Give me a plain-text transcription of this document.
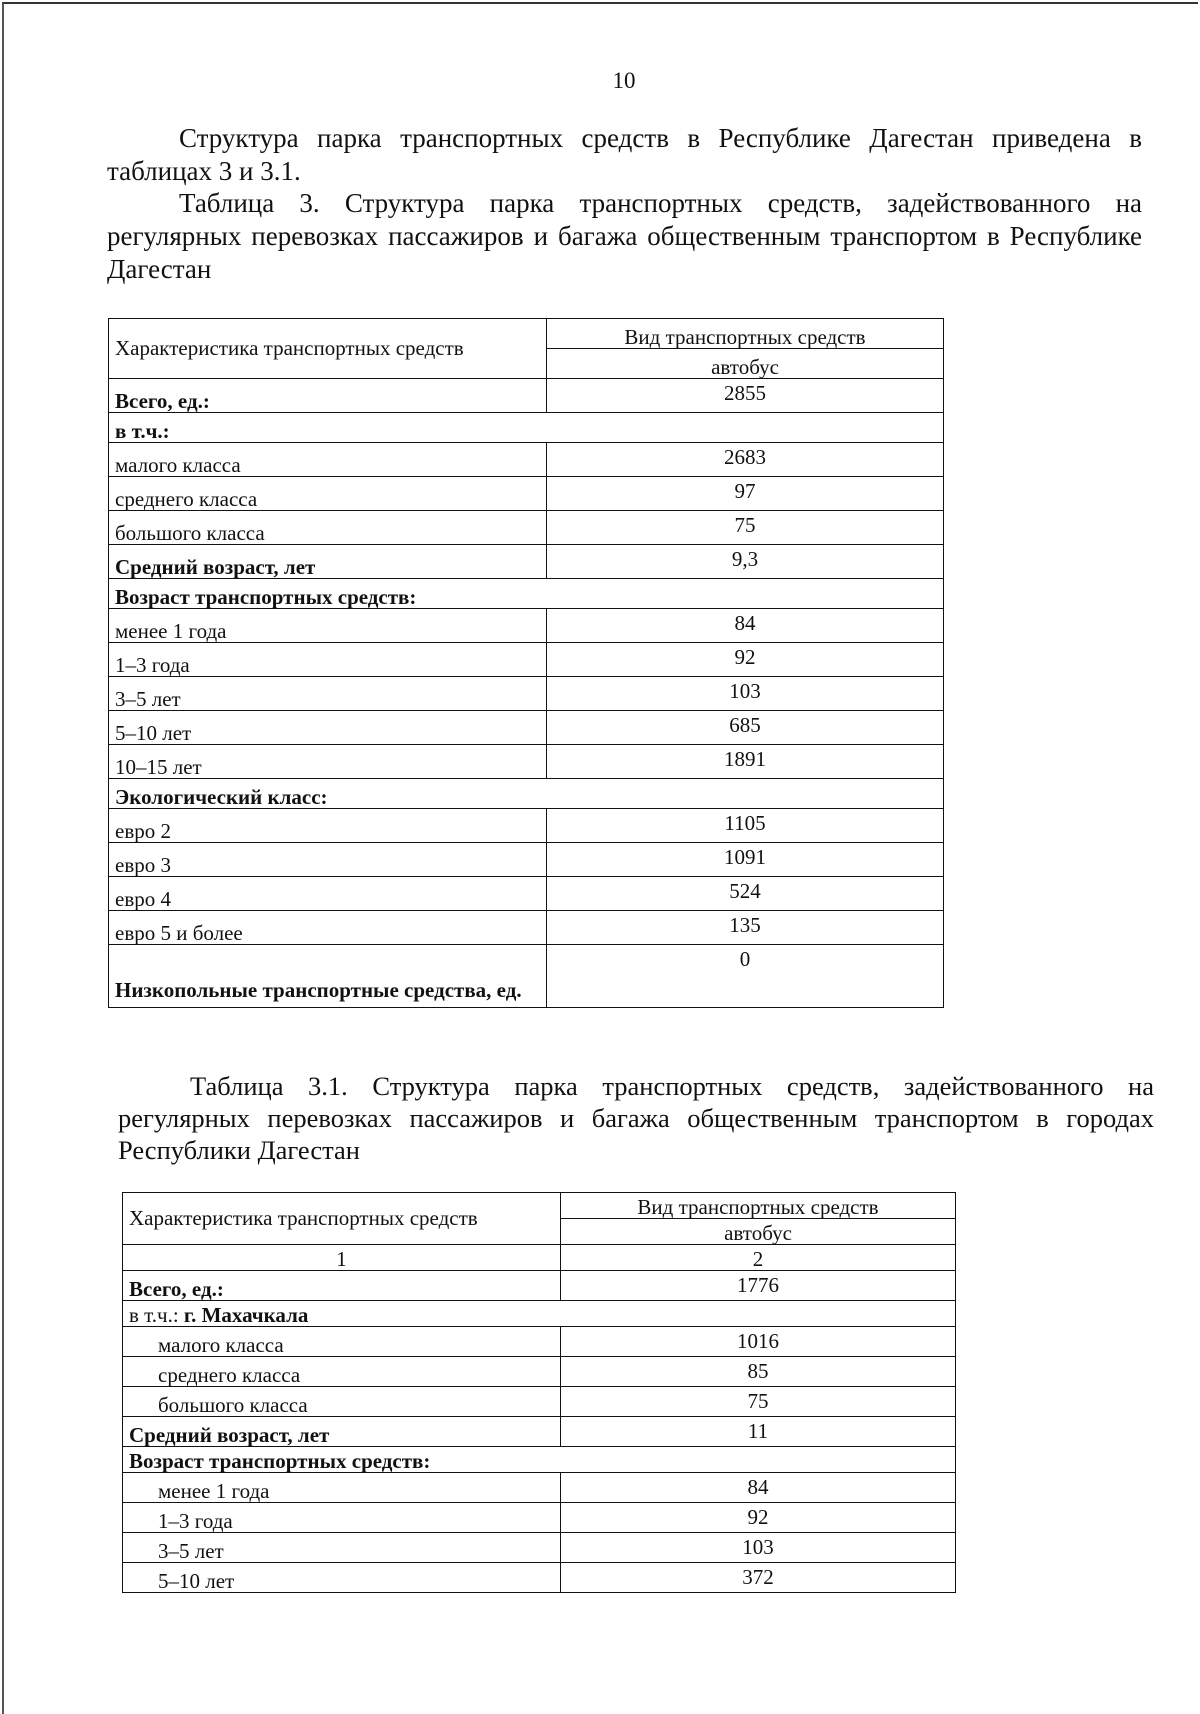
10
Структура парка транспортных средств в Республике Дагестан приведена в таблицах 3 и 3.1.
Таблица 3. Структура парка транспортных средств, задействованного на регулярных перевозках пассажиров и багажа общественным транспортом в Республике Дагестан
Характеристика транспортных средств	Вид транспортных средств
	автобус
Всего, ед.:	2855
в т.ч.:	
малого класса	2683
среднего класса	97
большого класса	75
Средний возраст, лет	9,3
Возраст транспортных средств:	
менее 1 года	84
1–3 года	92
3–5 лет	103
5–10 лет	685
10–15 лет	1891
Экологический класс:	
евро 2	1105
евро 3	1091
евро 4	524
евро 5 и более	135
Низкопольные транспортные средства, ед.	0
Таблица 3.1. Структура парка транспортных средств, задействованного на регулярных перевозках пассажиров и багажа общественным транспортом в городах Республики Дагестан
Характеристика транспортных средств	Вид транспортных средств
	автобус
1	2
Всего, ед.:	1776
в т.ч.: г. Махачкала	
малого класса	1016
среднего класса	85
большого класса	75
Средний возраст, лет	11
Возраст транспортных средств:	
менее 1 года	84
1–3 года	92
3–5 лет	103
5–10 лет	372
